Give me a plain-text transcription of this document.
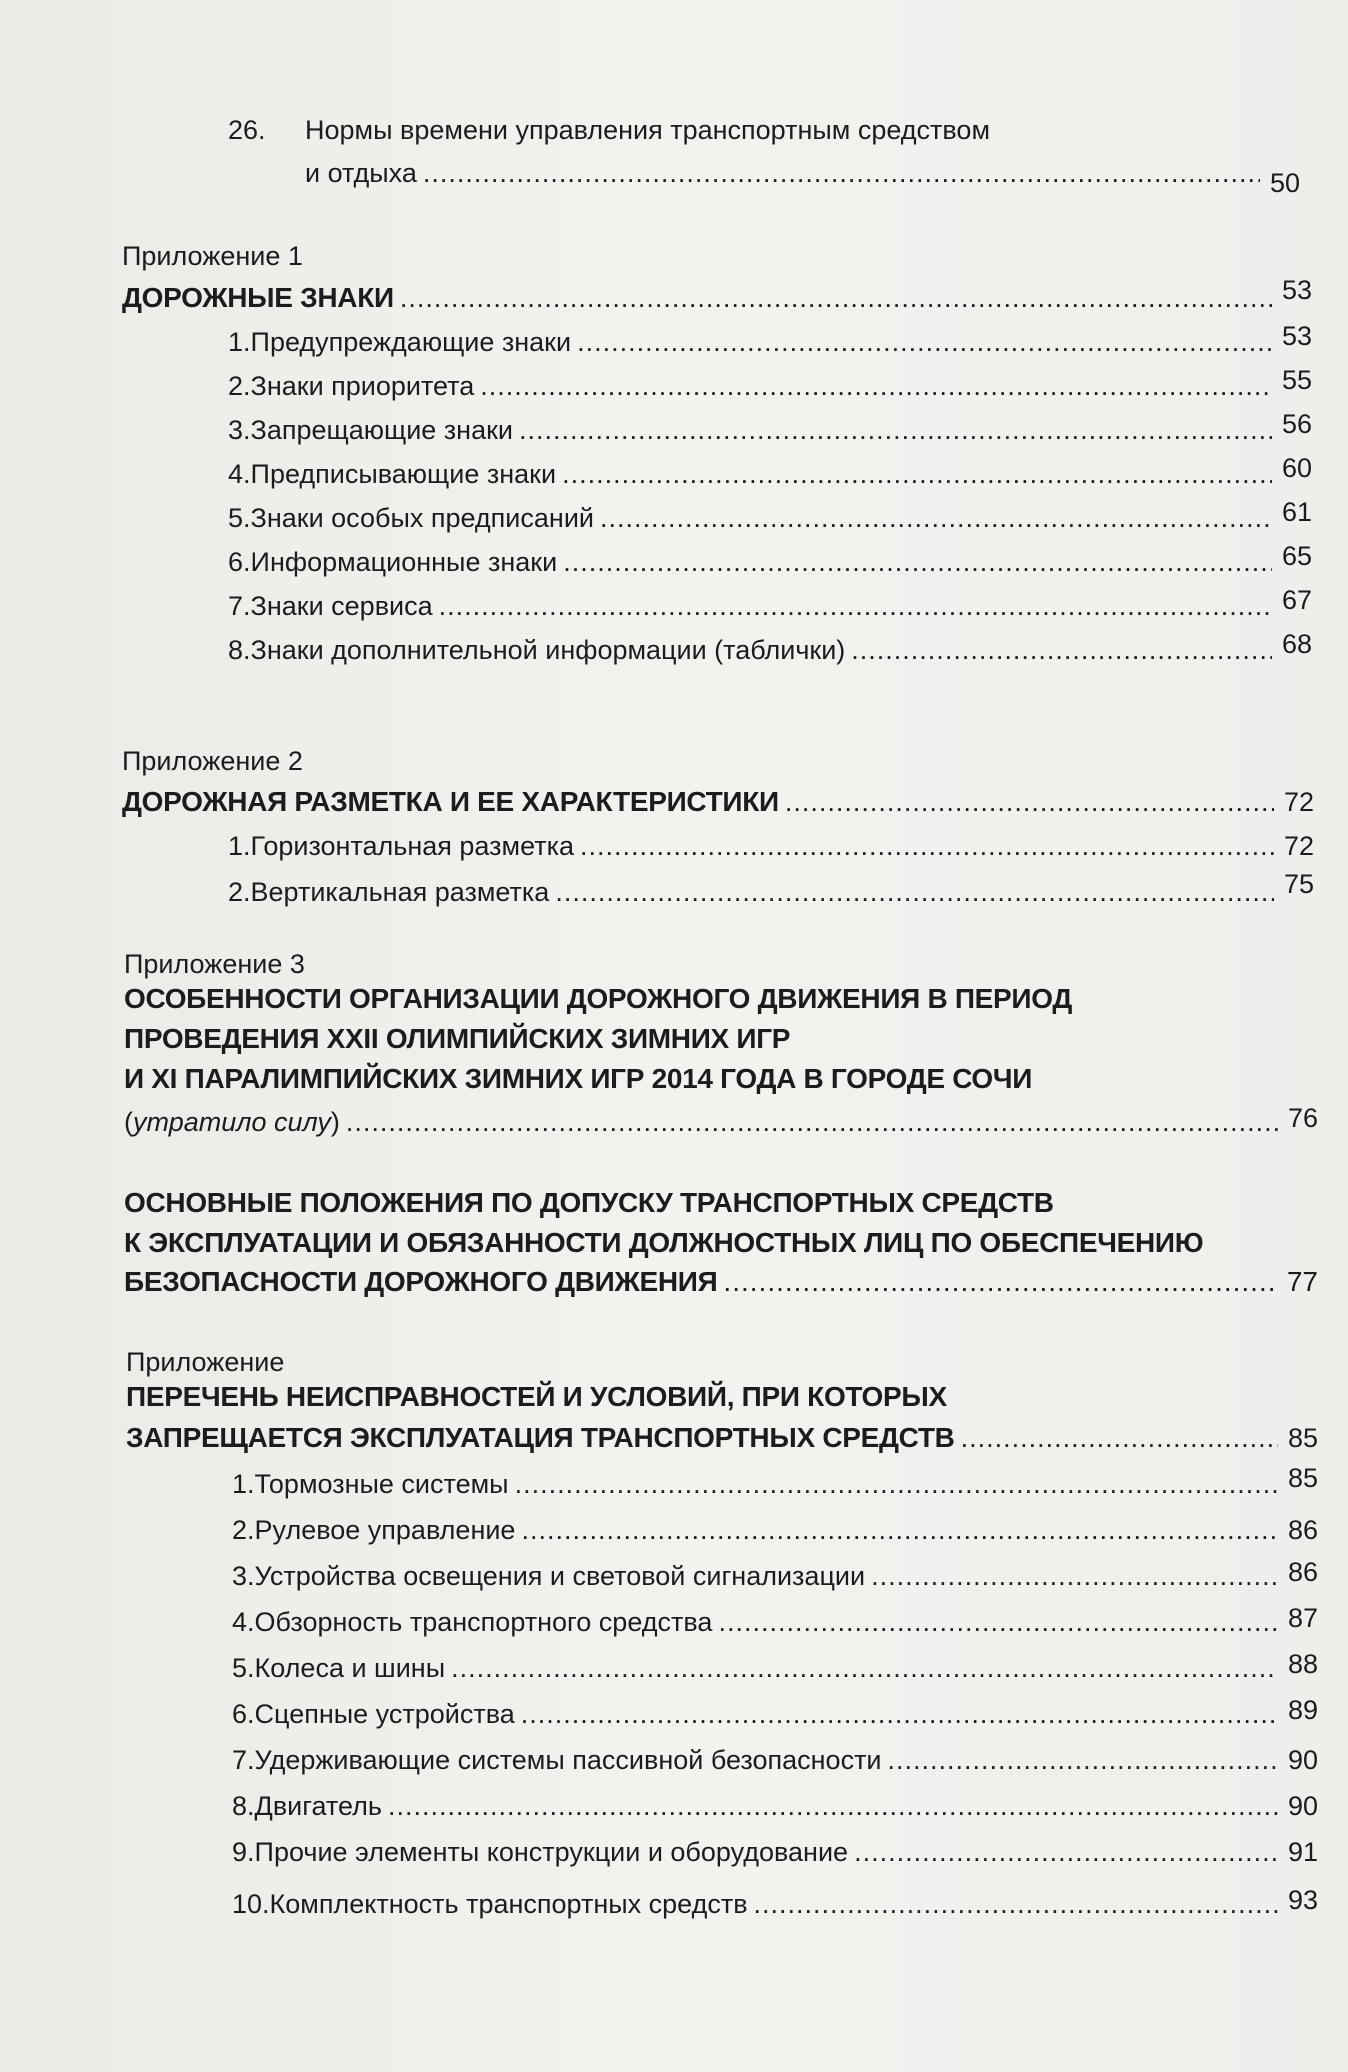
26. Нормы времени управления транспортным средством
и отдыха .....	50
Приложение 1
ДОРОЖНЫЕ ЗНАКИ .....	53
1. Предупреждающие знаки .....	53
2. Знаки приоритета .....	55
3. Запрещающие знаки .....	56
4. Предписывающие знаки .....	60
5. Знаки особых предписаний .....	61
6. Информационные знаки .....	65
7. Знаки сервиса .....	67
8. Знаки дополнительной информации (таблички) .....	68
Приложение 2
ДОРОЖНАЯ РАЗМЕТКА И ЕЕ ХАРАКТЕРИСТИКИ .....	72
1. Горизонтальная разметка .....	72
2. Вертикальная разметка .....	75
Приложение 3
ОСОБЕННОСТИ ОРГАНИЗАЦИИ ДОРОЖНОГО ДВИЖЕНИЯ В ПЕРИОД
ПРОВЕДЕНИЯ XXII ОЛИМПИЙСКИХ ЗИМНИХ ИГР
И XI ПАРАЛИМПИЙСКИХ ЗИМНИХ ИГР 2014 ГОДА В ГОРОДЕ СОЧИ
( утратило силу ) .....	76
ОСНОВНЫЕ ПОЛОЖЕНИЯ ПО ДОПУСКУ ТРАНСПОРТНЫХ СРЕДСТВ
К ЭКСПЛУАТАЦИИ И ОБЯЗАННОСТИ ДОЛЖНОСТНЫХ ЛИЦ ПО ОБЕСПЕЧЕНИЮ
БЕЗОПАСНОСТИ ДОРОЖНОГО ДВИЖЕНИЯ .....	77
Приложение
ПЕРЕЧЕНЬ НЕИСПРАВНОСТЕЙ И УСЛОВИЙ, ПРИ КОТОРЫХ
ЗАПРЕЩАЕТСЯ ЭКСПЛУАТАЦИЯ ТРАНСПОРТНЫХ СРЕДСТВ .....	85
1. Тормозные системы .....	85
2. Рулевое управление .....	86
3. Устройства освещения и световой сигнализации .....	86
4. Обзорность транспортного средства .....	87
5. Колеса и шины .....	88
6. Сцепные устройства .....	89
7. Удерживающие системы пассивной безопасности .....	90
8. Двигатель .....	90
9. Прочие элементы конструкции и оборудование .....	91
10. Комплектность транспортных средств .....	93
